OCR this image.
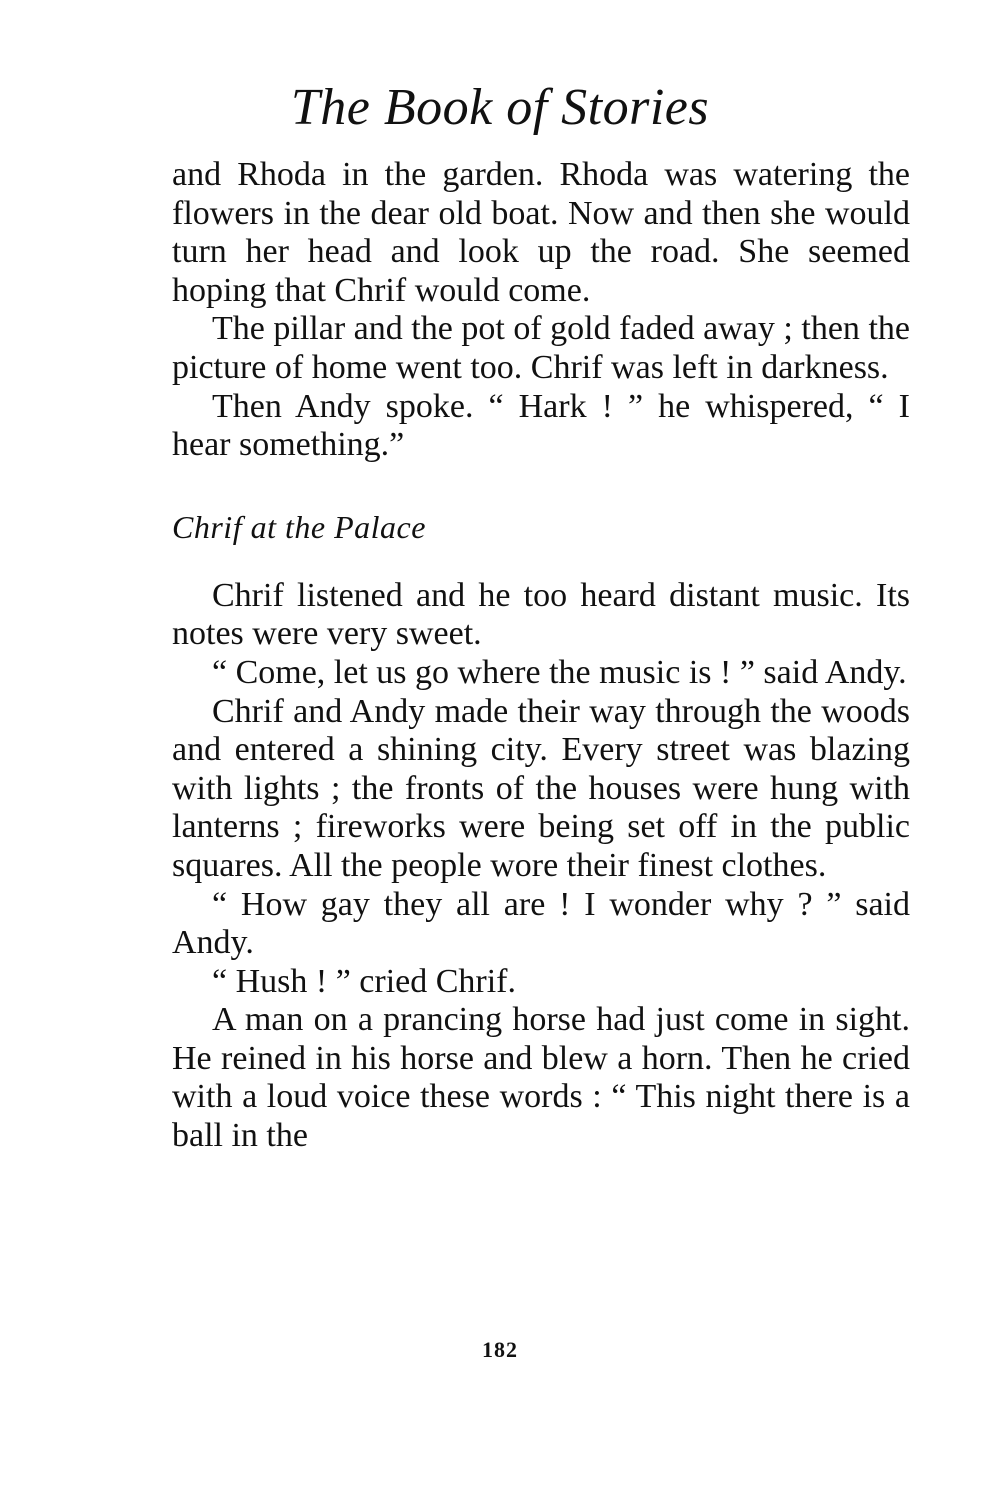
The Book of Stories

and Rhoda in the garden. Rhoda was watering the flowers in the dear old boat. Now and then she would turn her head and look up the road. She seemed hoping that Chrif would come.

The pillar and the pot of gold faded away ; then the picture of home went too. Chrif was left in darkness.

Then Andy spoke. “ Hark ! ” he whispered, “ I hear something.”

Chrif at the Palace

Chrif listened and he too heard distant music. Its notes were very sweet.

“ Come, let us go where the music is ! ” said Andy.

Chrif and Andy made their way through the woods and entered a shining city. Every street was blazing with lights ; the fronts of the houses were hung with lanterns ; fireworks were being set off in the public squares. All the people wore their finest clothes.

“ How gay they all are ! I wonder why ? ” said Andy.

“ Hush ! ” cried Chrif.

A man on a prancing horse had just come in sight. He reined in his horse and blew a horn. Then he cried with a loud voice these words : “ This night there is a ball in the

182
